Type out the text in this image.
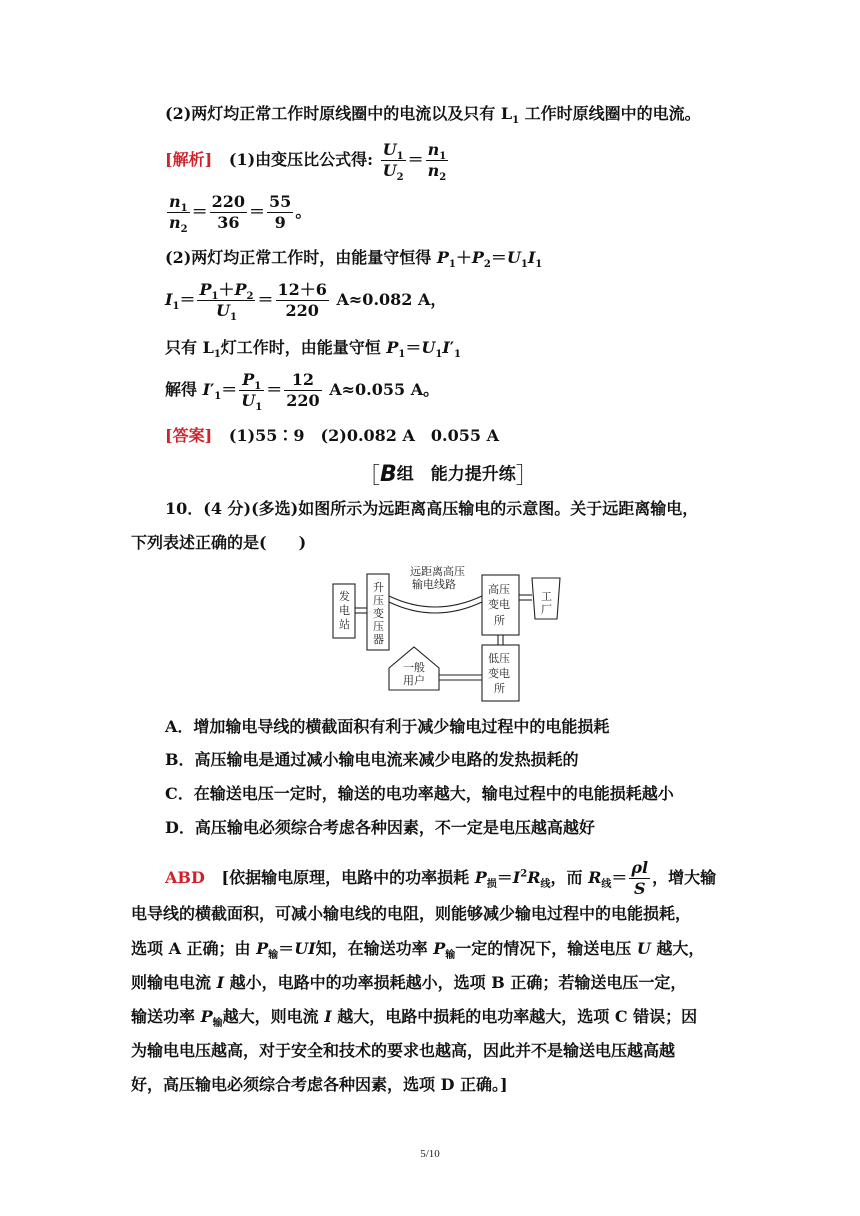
(2)两灯均正常工作时原线圈中的电流以及只有 $L_1$ 工作时原线圈中的电流。
[解析] (1)由变压比公式得: $\frac{U_1}{U_2} = \frac{n_1}{n_2}$
$\frac{n_1}{n_2} = \frac{220}{36} = \frac{55}{9}$ 。
(2)两灯均正常工作时，由能量守恒得 $P_1+P_2=U_1I_1$
$I_1= \frac{P_1+P_2}{U_1} = \frac{12+6}{220} A\approx 0.082$ A，
只有 $L_1$灯工作时，由能量守恒 $P_1=U_1I'_1$
解得 $I'_1= \frac{P_1}{U_1} = \frac{12}{220} A\approx 0.055$ A。
[答案] (1)55∶9　(2)0.082 A　0.055 A
［B组　能力提升练］
10．(4 分)(多选)如图所示为远距离高压输电的示意图。关于远距离输电，
下列表述正确的是(　　)
发
电
站
升
压
变
压
器
远距离高压
输电线路	高压
变电
所
工
厂
低压
变电
所
一般
用户
A．增加输电导线的横截面积有利于减少输电过程中的电能损耗
B．高压输电是通过减小输电电流来减少电路的发热损耗的
C．在输送电压一定时，输送的电功率越大，输电过程中的电能损耗越小
D．高压输电必须综合考虑各种因素，不一定是电压越高越好
ABD [依据输电原理，电路中的功率损耗 $P_损=I^2R_线$，而 $R_线= \frac{\rho l}{S}$ ，增大输
电导线的横截面积，可减小输电线的电阻，则能够减少输电过程中的电能损耗，
选项 A 正确；由 $P_输=UI$知，在输送功率 $P_输$一定的情况下，输送电压 U 越大，
则输电电流 I 越小，电路中的功率损耗越小，选项 B 正确；若输送电压一定，
输送功率 $P_输$越大，则电流 I 越大，电路中损耗的电功率越大，选项 C 错误；因
为输电电压越高，对于安全和技术的要求也越高，因此并不是输送电压越高越
好，高压输电必须综合考虑各种因素，选项 D 正确。]
5/10
